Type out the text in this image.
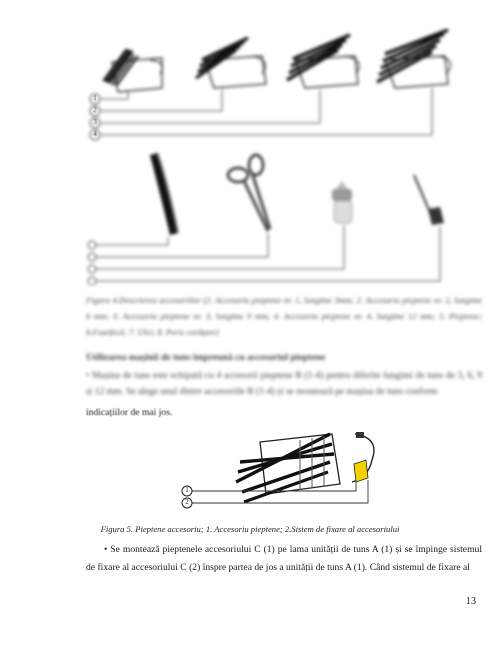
1
2
3
4
Figura 4.Descrierea accesoriilor (2. Accesoriu pieptene nr. 1, lungime 3mm; 2. Accesoriu pieptene nr. 2, lungime 6 mm; 3. Accesoriu pieptene nr. 3, lungime 9 mm; 4. Accesoriu pieptene nr. 4, lungime 12 mm; 5. Pieptene; 6.Foarfecă; 7. Ulei; 8. Perie curățare)
Utilizarea mașinii de tuns împreună cu accesoriul pieptene
• Mașina de tuns este echipată cu 4 accesorii pieptene B (1-4) pentru diferite lungimi de tuns de 3, 6, 9 și 12 mm. Se alege unul dintre accesoriile B (1-4) și se montează pe mașina de tuns conform
indicațiilor de mai jos.
1
2
Figura 5. Pieptene accesoriu; 1. Accesoriu pieptene; 2.Sistem de fixare al accesoriului
• Se montează pieptenele accesoriului C (1) pe lama unității de tuns A (1) și se împinge sistemul de fixare al accesoriului C (2) înspre partea de jos a unității de tuns A (1). Când sistemul de fixare al
13
